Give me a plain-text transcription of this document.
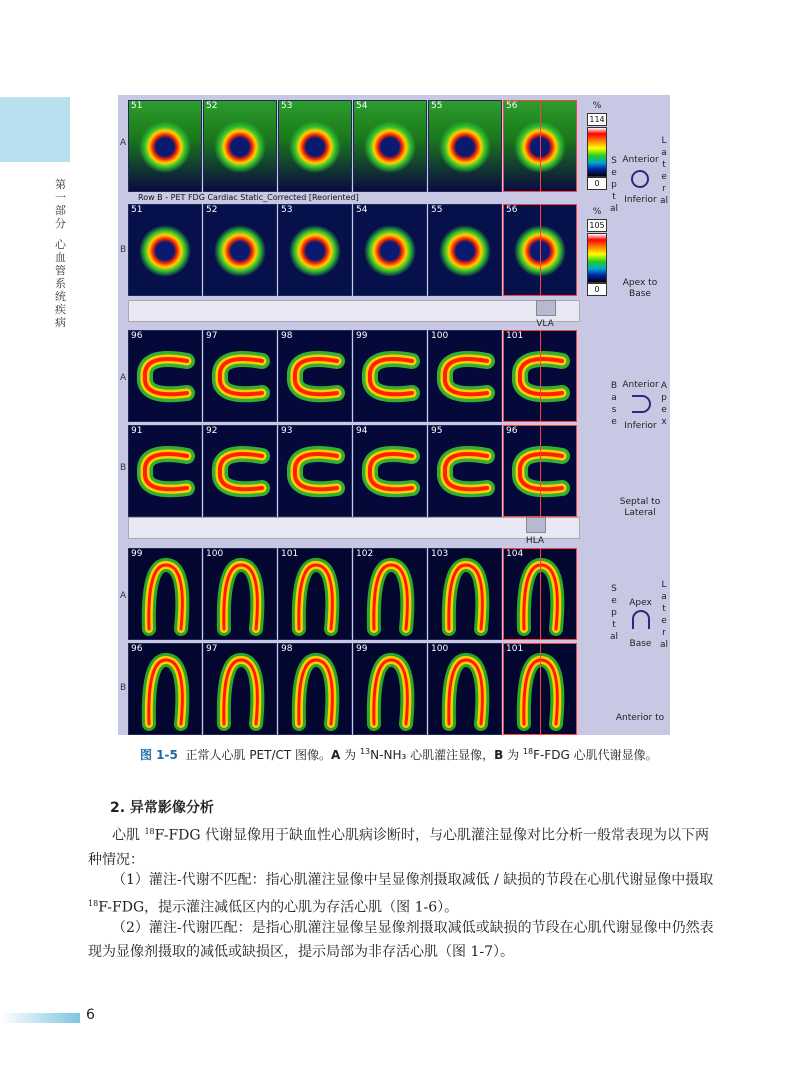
第一部分
心血管系统疾病
51	52	53	54	55	56
Row B - PET FDG Cardiac Static_Corrected [Reoriented]
51	52	53	54	55	56
A
B
%
114
0
%
105
0
Septal
Lateral
Anterior
Inferior
Apex to Base
VLA
96	97	98	99	100	101
91	92	93	94	95	96
A
B
Base
Apex
Anterior
Inferior
Septal to Lateral
HLA
99	100	101	102	103	104
96	97	98	99	100	101
A
B
Septal
Lateral
Apex
Base
Anterior to
图 1-5 正常人心肌 PET/CT 图像。A 为 $^{13}$N-NH₃ 心肌灌注显像，B 为 $^{18}$F-FDG 心肌代谢显像。
2. 异常影像分析
心肌 $^{18}$F-FDG 代谢显像用于缺血性心肌病诊断时，与心肌灌注显像对比分析一般常表现为以下两种情况：
（1）灌注-代谢不匹配：指心肌灌注显像中呈显像剂摄取减低 / 缺损的节段在心肌代谢显像中摄取$^{18}$F-FDG，提示灌注减低区内的心肌为存活心肌（图 1-6）。
（2）灌注-代谢匹配：是指心肌灌注显像呈显像剂摄取减低或缺损的节段在心肌代谢显像中仍然表现为显像剂摄取的减低或缺损区，提示局部为非存活心肌（图 1-7）。
6
